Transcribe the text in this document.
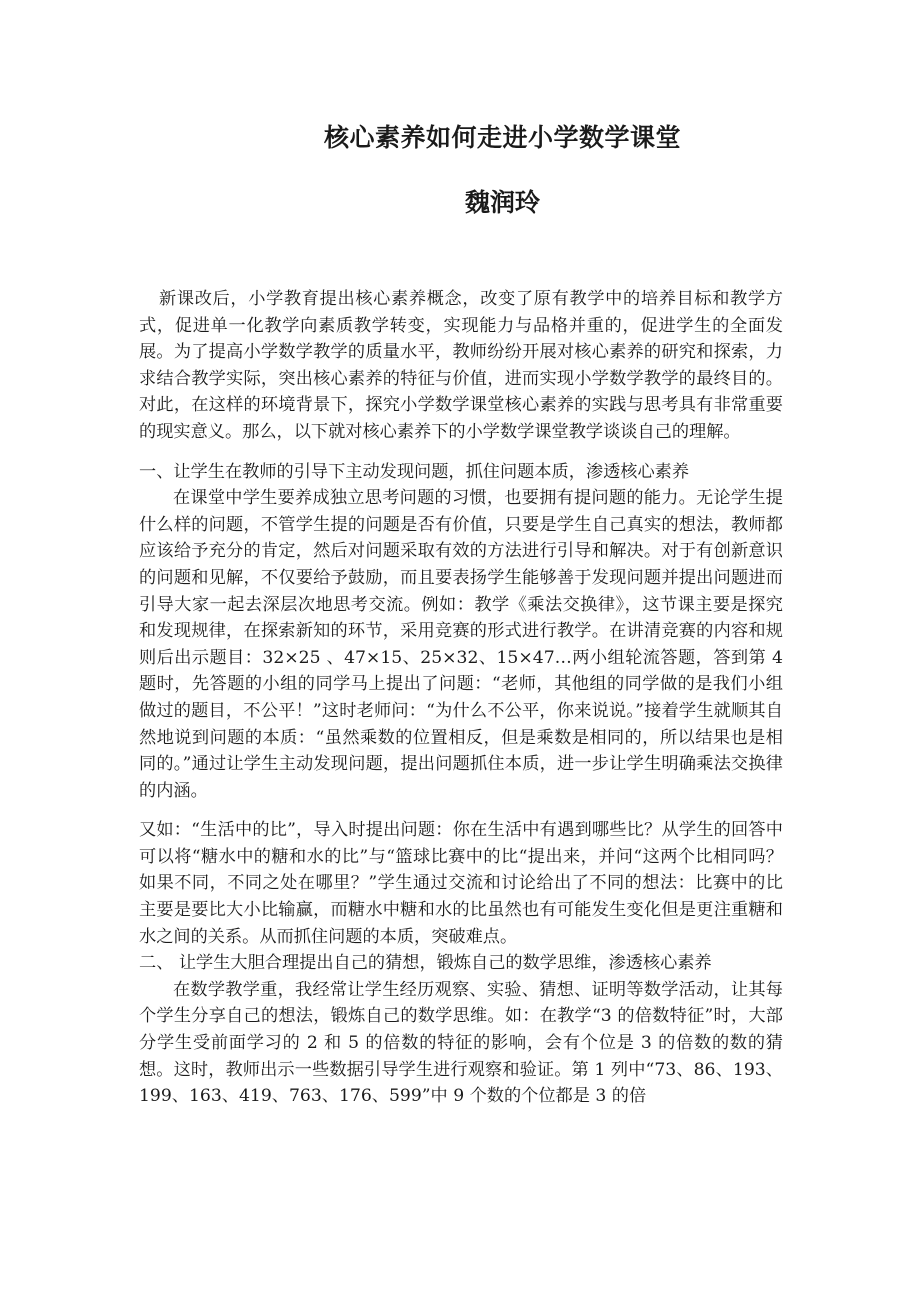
核心素养如何走进小学数学课堂
魏润玲

新课改后，小学教育提出核心素养概念，改变了原有教学中的培养目标和教学方式，促进单一化教学向素质教学转变，实现能力与品格并重的，促进学生的全面发展。为了提高小学数学教学的质量水平，教师纷纷开展对核心素养的研究和探索，力求结合教学实际，突出核心素养的特征与价值，进而实现小学数学教学的最终目的。对此，在这样的环境背景下，探究小学数学课堂核心素养的实践与思考具有非常重要的现实意义。那么，以下就对核心素养下的小学数学课堂教学谈谈自己的理解。

一、让学生在教师的引导下主动发现问题，抓住问题本质，渗透核心素养

在课堂中学生要养成独立思考问题的习惯，也要拥有提问题的能力。无论学生提什么样的问题，不管学生提的问题是否有价值，只要是学生自己真实的想法，教师都应该给予充分的肯定，然后对问题采取有效的方法进行引导和解决。对于有创新意识的问题和见解，不仅要给予鼓励，而且要表扬学生能够善于发现问题并提出问题进而引导大家一起去深层次地思考交流。例如：教学《乘法交换律》，这节课主要是探究和发现规律，在探索新知的环节，采用竞赛的形式进行教学。在讲清竞赛的内容和规则后出示题目：32×25 、47×15、25×32、15×47…两小组轮流答题，答到第 4 题时，先答题的小组的同学马上提出了问题：“老师，其他组的同学做的是我们小组做过的题目，不公平！”这时老师问：“为什么不公平，你来说说。”接着学生就顺其自然地说到问题的本质：“虽然乘数的位置相反，但是乘数是相同的，所以结果也是相同的。”通过让学生主动发现问题，提出问题抓住本质，进一步让学生明确乘法交换律的内涵。

又如：“生活中的比”，导入时提出问题：你在生活中有遇到哪些比？从学生的回答中可以将“糖水中的糖和水的比”与“篮球比赛中的比“提出来，并问“这两个比相同吗？如果不同，不同之处在哪里？”学生通过交流和讨论给出了不同的想法：比赛中的比主要是要比大小比输赢，而糖水中糖和水的比虽然也有可能发生变化但是更注重糖和水之间的关系。从而抓住问题的本质，突破难点。

二、 让学生大胆合理提出自己的猜想，锻炼自己的数学思维，渗透核心素养

在数学教学重，我经常让学生经历观察、实验、猜想、证明等数学活动，让其每个学生分享自己的想法，锻炼自己的数学思维。如：在教学“3 的倍数特征”时，大部分学生受前面学习的 2 和 5 的倍数的特征的影响，会有个位是 3 的倍数的数的猜想。这时，教师出示一些数据引导学生进行观察和验证。第 1 列中“73、86、193、199、163、419、763、176、599”中 9 个数的个位都是 3 的倍
